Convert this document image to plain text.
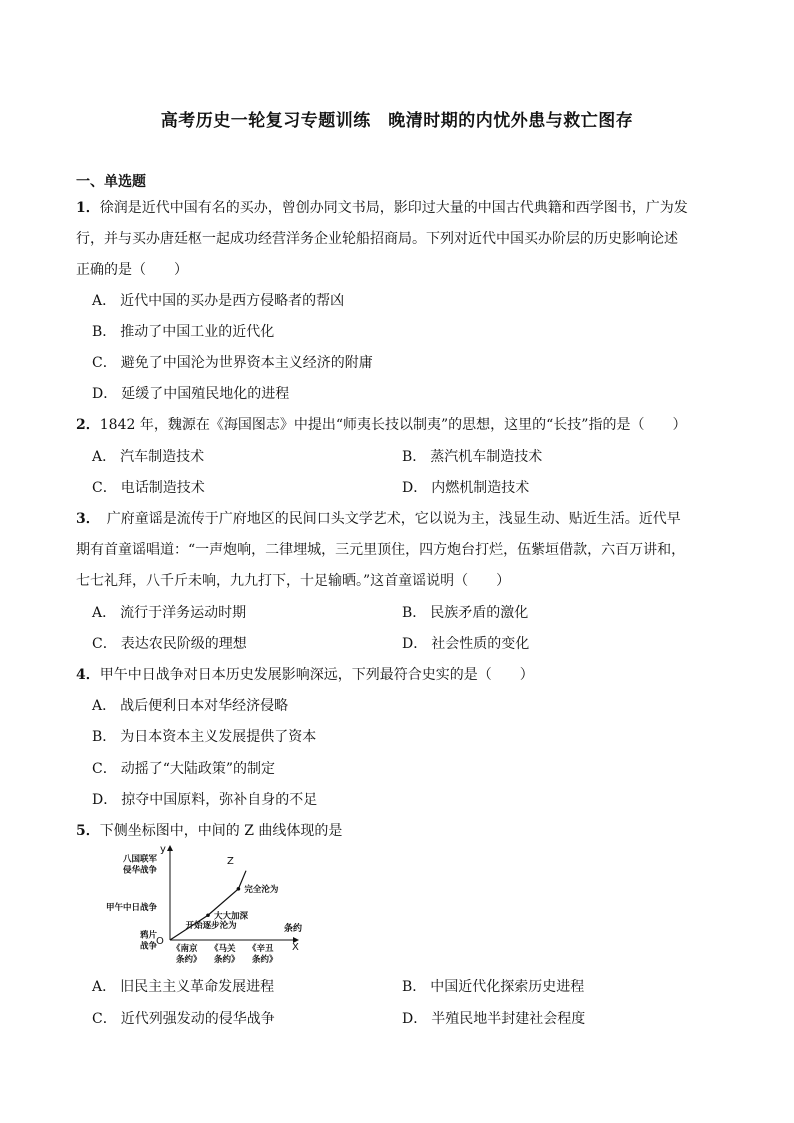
高考历史一轮复习专题训练　晚清时期的内忧外患与救亡图存
一、单选题
1．徐润是近代中国有名的买办，曾创办同文书局，影印过大量的中国古代典籍和西学图书，广为发
行，并与买办唐廷枢一起成功经营洋务企业轮船招商局。下列对近代中国买办阶层的历史影响论述
正确的是（　　）
A． 近代中国的买办是西方侵略者的帮凶
B． 推动了中国工业的近代化
C． 避免了中国沦为世界资本主义经济的附庸
D． 延缓了中国殖民地化的进程
2．1842 年，魏源在《海国图志》中提出“师夷长技以制夷”的思想，这里的“长技”指的是（　　）
A． 汽车制造技术	B． 蒸汽机车制造技术
C． 电话制造技术	D． 内燃机制造技术
3．　广府童谣是流传于广府地区的民间口头文学艺术，它以说为主，浅显生动、贴近生活。近代早
期有首童谣唱道：“一声炮响，二律埋城，三元里顶住，四方炮台打烂，伍紫垣借款，六百万讲和，
七七礼拜，八千斤未响，九九打下，十足输晒。”这首童谣说明（　　）
A． 流行于洋务运动时期	B． 民族矛盾的激化
C． 表达农民阶级的理想	D． 社会性质的变化
4．甲午中日战争对日本历史发展影响深远，下列最符合史实的是（　　）
A． 战后便利日本对华经济侵略
B． 为日本资本主义发展提供了资本
C． 动摇了“大陆政策”的制定
D． 掠夺中国原料，弥补自身的不足
5．下侧坐标图中，中间的 Z 曲线体现的是
y
X
条约
O
Z
八国联军侵华战争
甲午中日战争
鸦片战争 《南京条约》
《马关条约》
《辛丑条约》
开始逐步沦为
大大加深
完全沦为
A． 旧民主主义革命发展进程	B． 中国近代化探索历史进程
C． 近代列强发动的侵华战争	D． 半殖民地半封建社会程度
